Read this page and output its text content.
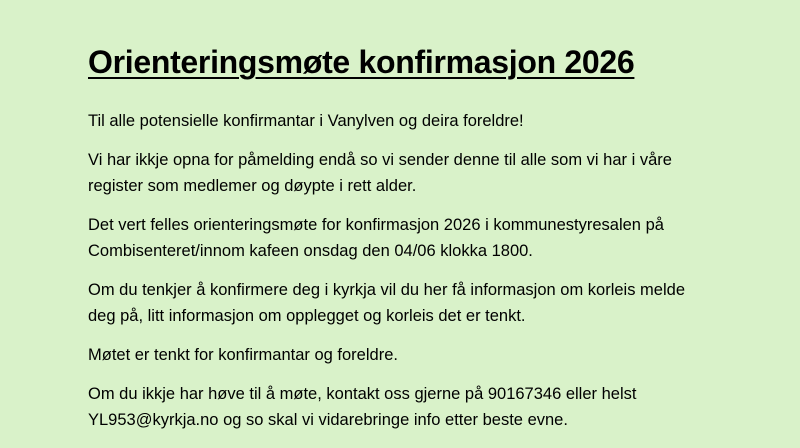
Orienteringsmøte konfirmasjon 2026

Til alle potensielle konfirmantar i Vanylven og deira foreldre!

Vi har ikkje opna for påmelding endå so vi sender denne til alle som vi har i våre register som medlemer og døypte i rett alder.

Det vert felles orienteringsmøte for konfirmasjon 2026 i kommunestyresalen på Combisenteret/innom kafeen onsdag den 04/06 klokka 1800.

Om du tenkjer å konfirmere deg i kyrkja vil du her få informasjon om korleis melde deg på, litt informasjon om opplegget og korleis det er tenkt.

Møtet er tenkt for konfirmantar og foreldre.

Om du ikkje har høve til å møte, kontakt oss gjerne på 90167346 eller helst YL953@kyrkja.no og so skal vi vidarebringe info etter beste evne.
